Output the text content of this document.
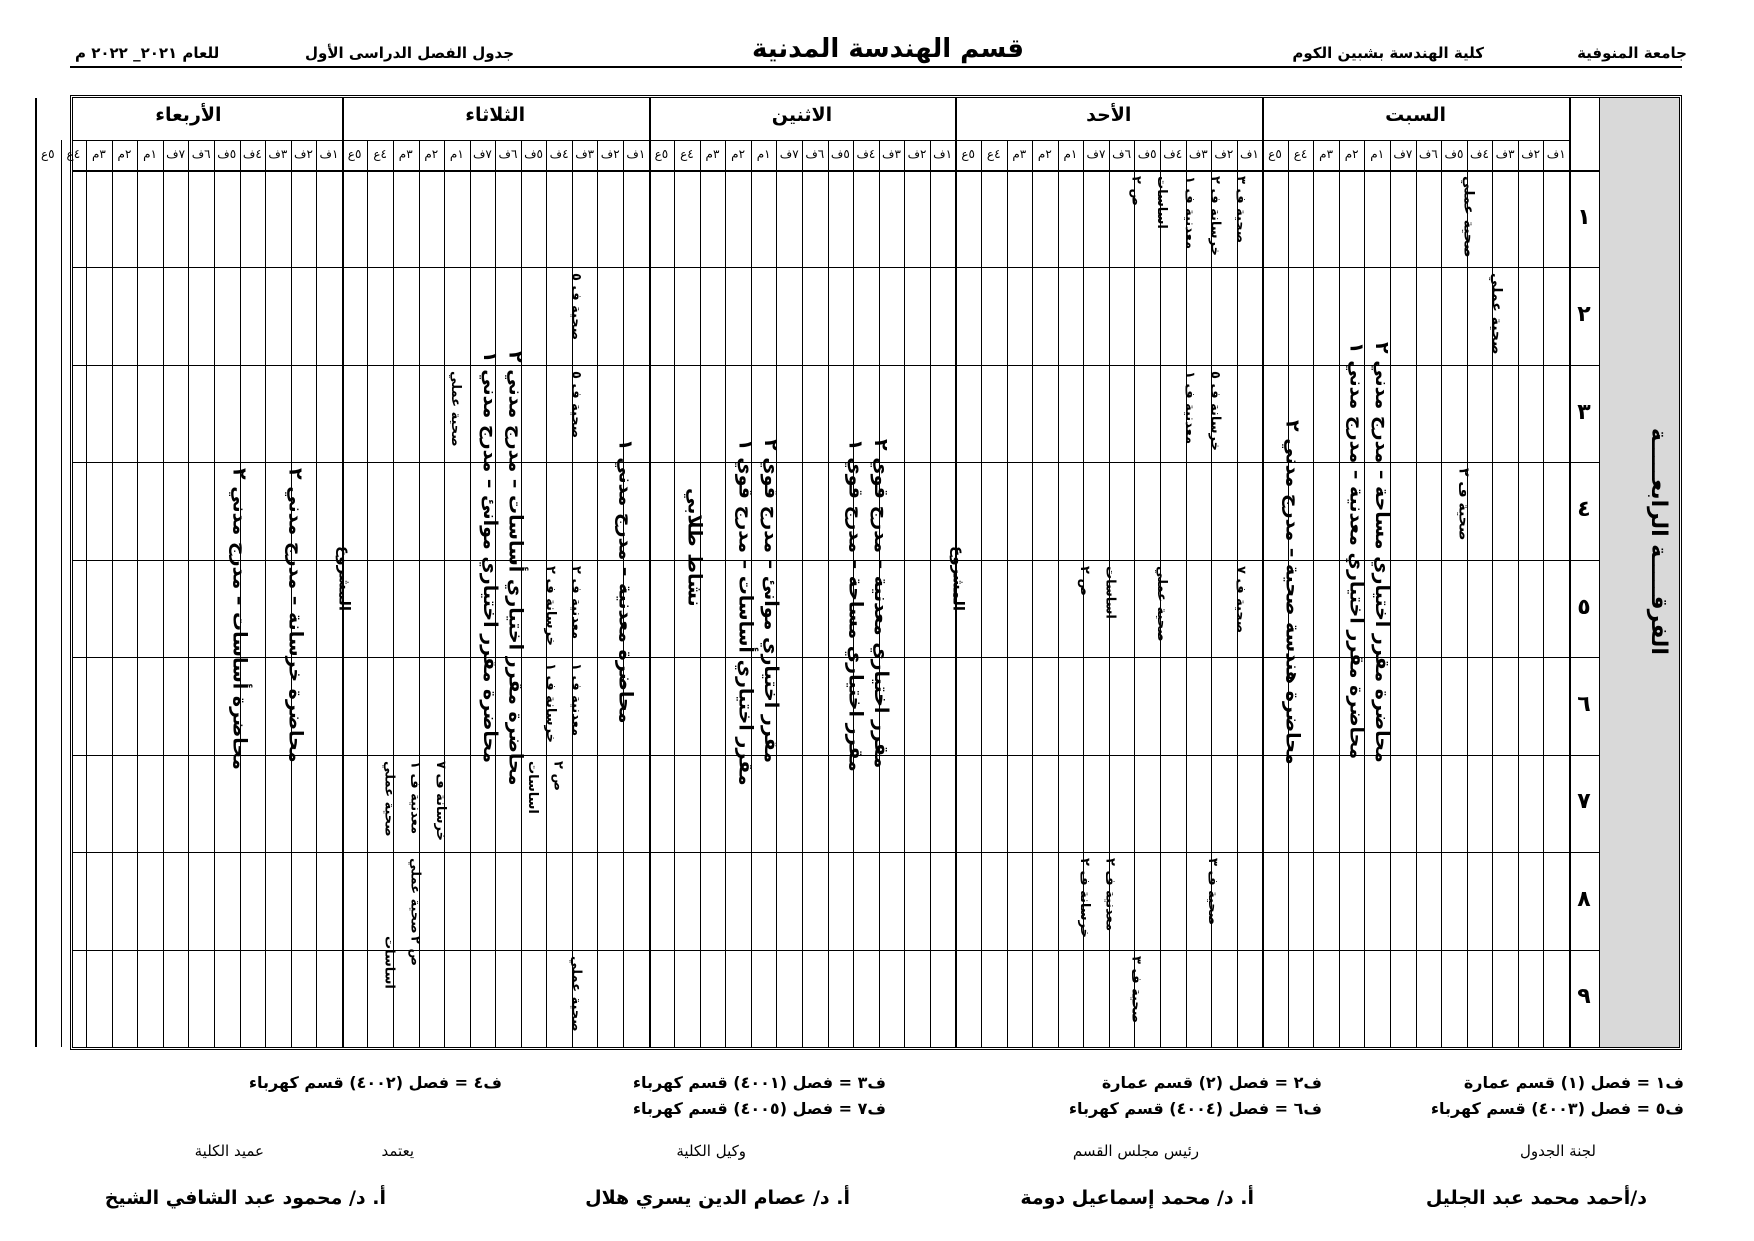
جامعة المنوفية
كلية الهندسة بشبين الكوم
قسم الهندسة المدنية
جدول الفصل الدراسى الأول
للعام ٢٠٢١_ ٢٠٢٢ م
الفرقـــــة الرابعـــــة
السبت
١ف
٢ف
٣ف
٤ف
٥ف
٦ف
٧ف
١م
٢م
٣م
٤ع
٥ع
الأحد
١ف
٢ف
٣ف
٤ف
٥ف
٦ف
٧ف
١م
٢م
٣م
٤ع
٥ع
الاثنين
١ف
٢ف
٣ف
٤ف
٥ف
٦ف
٧ف
١م
٢م
٣م
٤ع
٥ع
الثلاثاء
١ف
٢ف
٣ف
٤ف
٥ف
٦ف
٧ف
١م
٢م
٣م
٤ع
٥ع
الأربعاء
١ف
٢ف
٣ف
٤ف
٥ف
٦ف
٧ف
١م
٢م
٣م
٤ع
٥ع
١
٢
٣
٤
٥
٦
٧
٨
٩
محاضرة هندسة صحية – مدرج مدني ٢
محاضرة مقرر اختياري مساحة – مدرج مدني ٢
محاضرة مقرر اختياري معدنية – مدرج مدني ١
صحية عملي
صحية عملي
صحية ف ٢
المشروع
معدنية ف ١
خرسانة ف ٢
صحية ف ٣
اساسات
ص ٢
خرسانة ف ٥
معدنية ف ١
صحية ف ٧
صحية عملي
صحية ف ٣
اساسات
ص ٢
خرسانة ف ٢
معدنية ف ٢
صحية ف ٣
مقرر اختياري مساحة – مدرج قوي ١
مقرر اختياري معدنية – مدرج قوي ٢
مقرر اختياري موانئ – مدرج قوي ٢
مقرر اختياري أساسات – مدرج قوي ١
نشاط طلابي
محاضرة معدنية – مدرج مدني ١
محاضرة مقرر اختياري موانئ – مدرج مدني ١
محاضرة مقرر اختياري أساسات – مدرج مدني ٢
المشروع
صحية ف ٥
صحية ف ٥
صحية عملي
خرسانة ف ٢
معدنية ف ٢
خرسانة ف ١
معدنية ف ١
اساسات ص ٢
صحية عملي
صحية عملي
معدنية ف ١
خرسانة ف ٧
صحية عملي
اساسات ص ٢
محاضرة أساسات – مدرج مدني ٢
محاضرة خرسانة – مدرج مدني ٢
ف١ = فصل (١) قسم عمارة
ف٥ = فصل (٤٠٠٣) قسم كهرباء
ف٢ = فصل (٢) قسم عمارة
ف٦ = فصل (٤٠٠٤) قسم كهرباء
ف٣ = فصل (٤٠٠١) قسم كهرباء
ف٧ = فصل (٤٠٠٥) قسم كهرباء
ف٤ = فصل (٤٠٠٢) قسم كهرباء
لجنة الجدول
د/أحمد محمد عبد الجليل
رئيس مجلس القسم
أ. د/ محمد إسماعيل دومة
وكيل الكلية
أ. د/ عصام الدين يسري هلال
يعتمد
عميد الكلية
أ. د/ محمود عبد الشافي الشيخ
